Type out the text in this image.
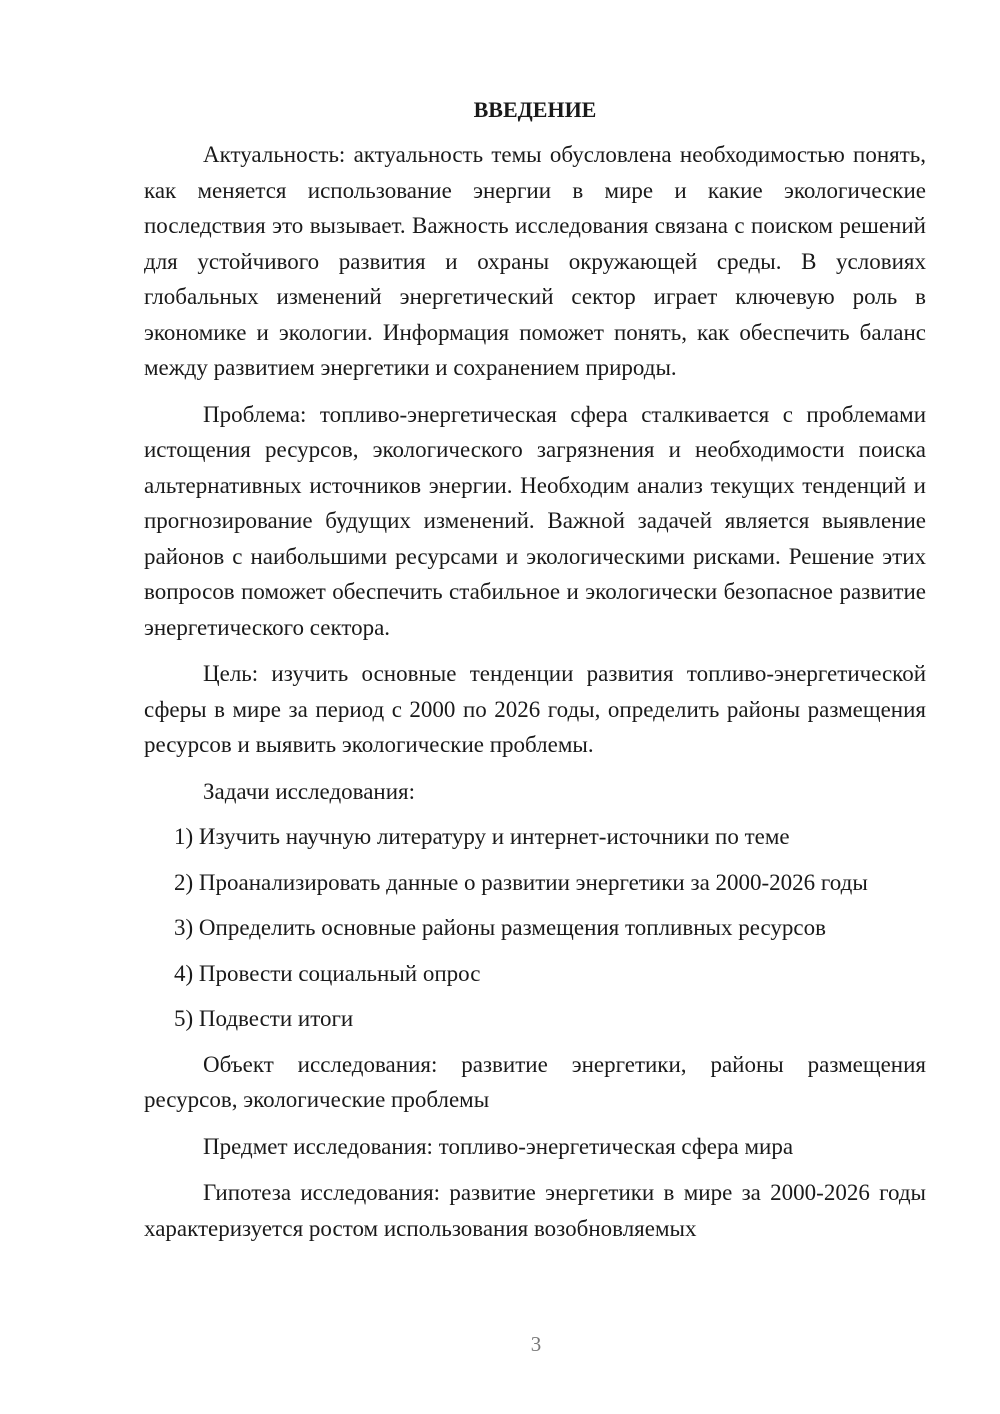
ВВЕДЕНИЕ

Актуальность: актуальность темы обусловлена необходимостью понять, как меняется использование энергии в мире и какие экологические последствия это вызывает. Важность исследования связана с поиском решений для устойчивого развития и охраны окружающей среды. В условиях глобальных изменений энергетический сектор играет ключевую роль в экономике и экологии. Информация поможет понять, как обеспечить баланс между развитием энергетики и сохранением природы.

Проблема: топливо-энергетическая сфера сталкивается с проблемами истощения ресурсов, экологического загрязнения и необходимости поиска альтернативных источников энергии. Необходим анализ текущих тенденций и прогнозирование будущих изменений. Важной задачей является выявление районов с наибольшими ресурсами и экологическими рисками. Решение этих вопросов поможет обеспечить стабильное и экологически безопасное развитие энергетического сектора.

Цель: изучить основные тенденции развития топливо-энергетической сферы в мире за период с 2000 по 2026 годы, определить районы размещения ресурсов и выявить экологические проблемы.

Задачи исследования:

1) Изучить научную литературу и интернет-источники по теме
2) Проанализировать данные о развитии энергетики за 2000-2026 годы
3) Определить основные районы размещения топливных ресурсов
4) Провести социальный опрос
5) Подвести итоги

Объект исследования: развитие энергетики, районы размещения ресурсов, экологические проблемы

Предмет исследования: топливо-энергетическая сфера мира

Гипотеза исследования: развитие энергетики в мире за 2000-2026 годы характеризуется ростом использования возобновляемых

3
